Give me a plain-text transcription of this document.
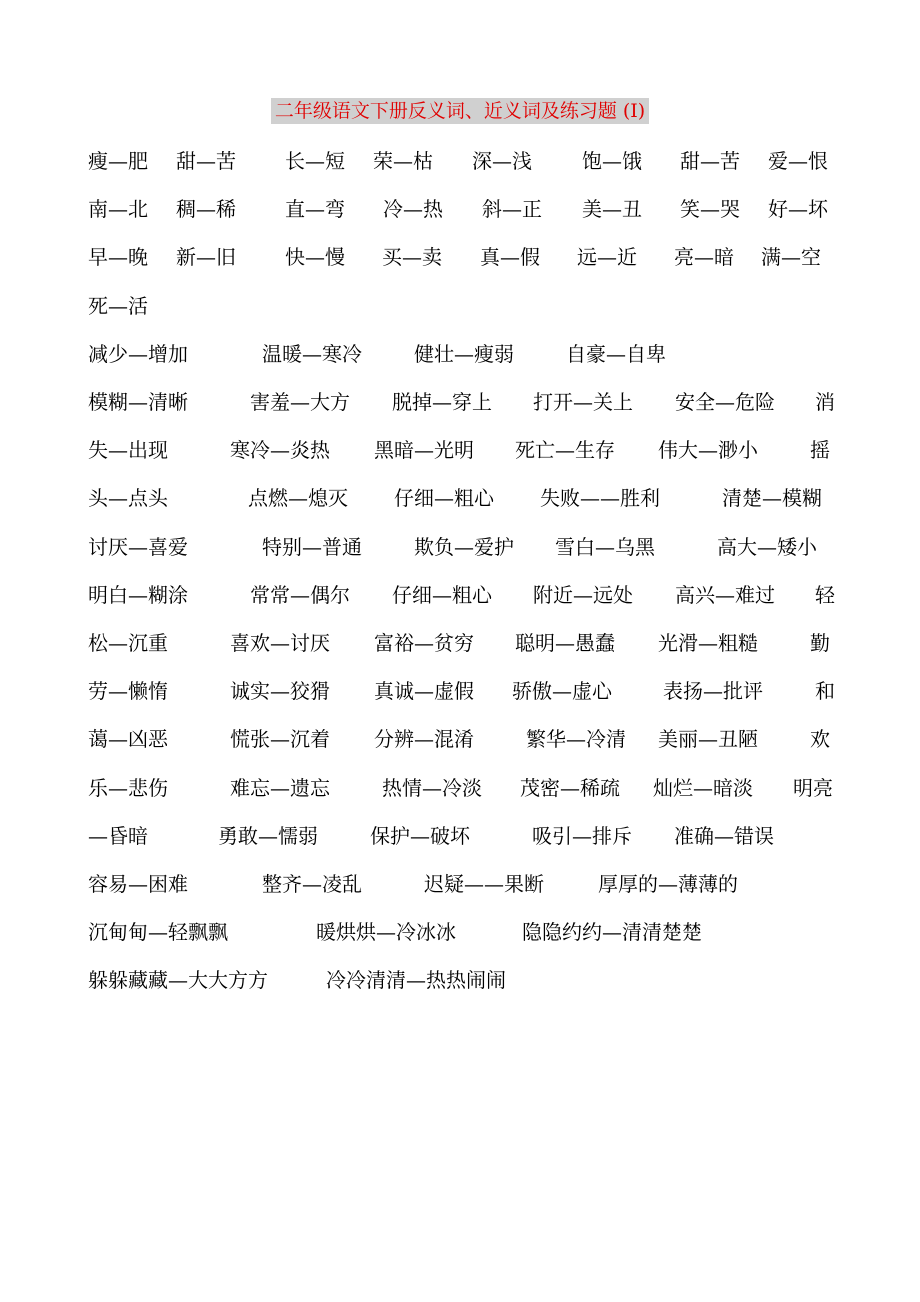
二年级语文下册反义词、近义词及练习题 (I)
瘦—肥 甜—苦 长—短 荣—枯 深—浅	饱—饿 甜—苦 爱—恨
南—北 稠—稀 直—弯 冷—热 斜—正 美—丑 笑—哭 好—坏
早—晚 新—旧 快—慢 买—卖 真—假 远—近 亮—暗 满—空
死—活
减少—增加	温暖—寒冷	健壮—瘦弱	自豪—自卑
模糊—清晰	害羞—大方 脱掉—穿上 打开—关上 安全—危险 消
失—出现	寒冷—炎热 黑暗—光明 死亡—生存 伟大—渺小	摇
头—点头	点燃—熄灭 仔细—粗心 失败——胜利	清楚—模糊
讨厌—喜爱	特别—普通	欺负—爱护 雪白—乌黑	高大—矮小
明白—糊涂	常常—偶尔 仔细—粗心 附近—远处 高兴—难过 轻
松—沉重	喜欢—讨厌 富裕—贫穷 聪明—愚蠢 光滑—粗糙	勤
劳—懒惰	诚实—狡猾 真诚—虚假 骄傲—虚心	表扬—批评	和
蔼—凶恶	慌张—沉着 分辨—混淆	繁华—冷清 美丽—丑陋	欢
乐—悲伤	难忘—遗忘	热情—冷淡 茂密—稀疏 灿烂—暗淡 明亮
—昏暗	勇敢—懦弱	保护—破坏	吸引—排斥 准确—错误
容易—困难	整齐—凌乱	迟疑——果断	厚厚的—薄薄的
沉甸甸—轻飘飘	暖烘烘—冷冰冰	隐隐约约—清清楚楚
躲躲藏藏—大大方方	冷冷清清—热热闹闹
